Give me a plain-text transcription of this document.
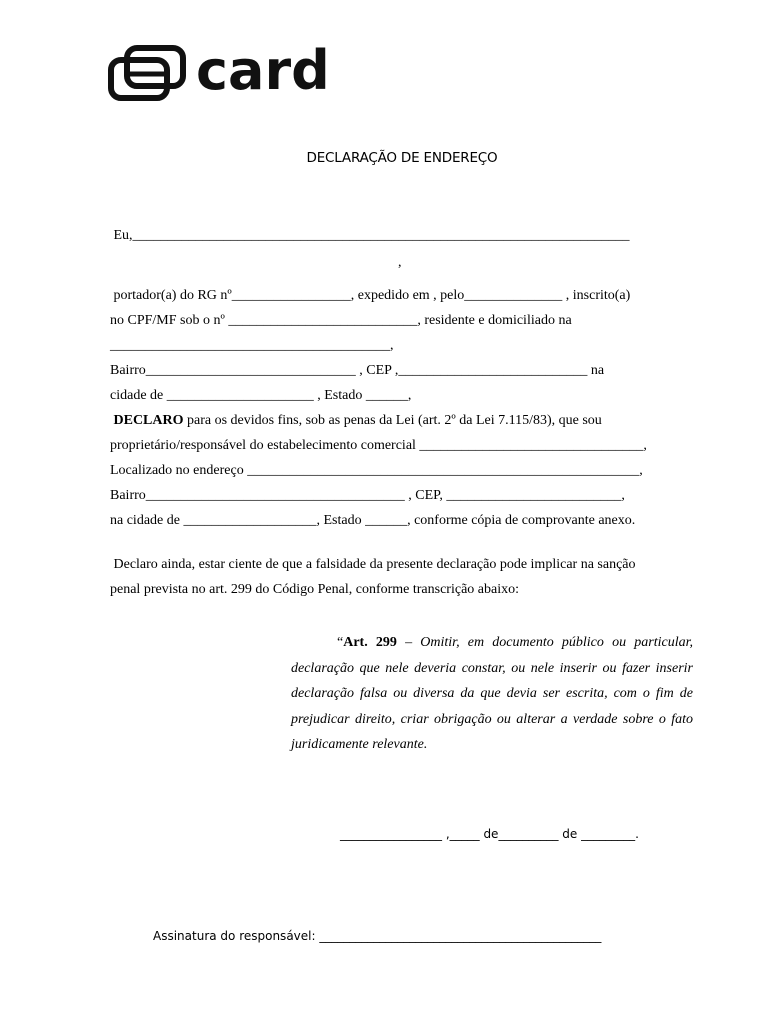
card
DECLARAÇÃO DE ENDEREÇO
Eu,_______________________________________________________________________
,
portador(a) do RG nº_________________, expedido em , pelo______________ , inscrito(a)
no CPF/MF sob o nº ___________________________, residente e domiciliado na
________________________________________,
Bairro______________________________ , CEP ,___________________________ na
cidade de _____________________ , Estado ______,
DECLARO para os devidos fins, sob as penas da Lei (art. 2º da Lei 7.115/83), que sou
proprietário/responsável do estabelecimento comercial ________________________________,
Localizado no endereço ________________________________________________________,
Bairro_____________________________________ , CEP, _________________________,
na cidade de ___________________, Estado ______, conforme cópia de comprovante anexo.
Declaro ainda, estar ciente de que a falsidade da presente declaração pode implicar na sanção
penal prevista no art. 299 do Código Penal, conforme transcrição abaixo:
“Art. 299 – Omitir, em documento público ou particular, declaração que nele deveria constar, ou nele inserir ou fazer inserir declaração falsa ou diversa da que devia ser escrita, com o fim de prejudicar direito, criar obrigação ou alterar a verdade sobre o fato juridicamente relevante.
_________________ ,_____ de__________ de _________.
Assinatura do responsável: _______________________________________________
